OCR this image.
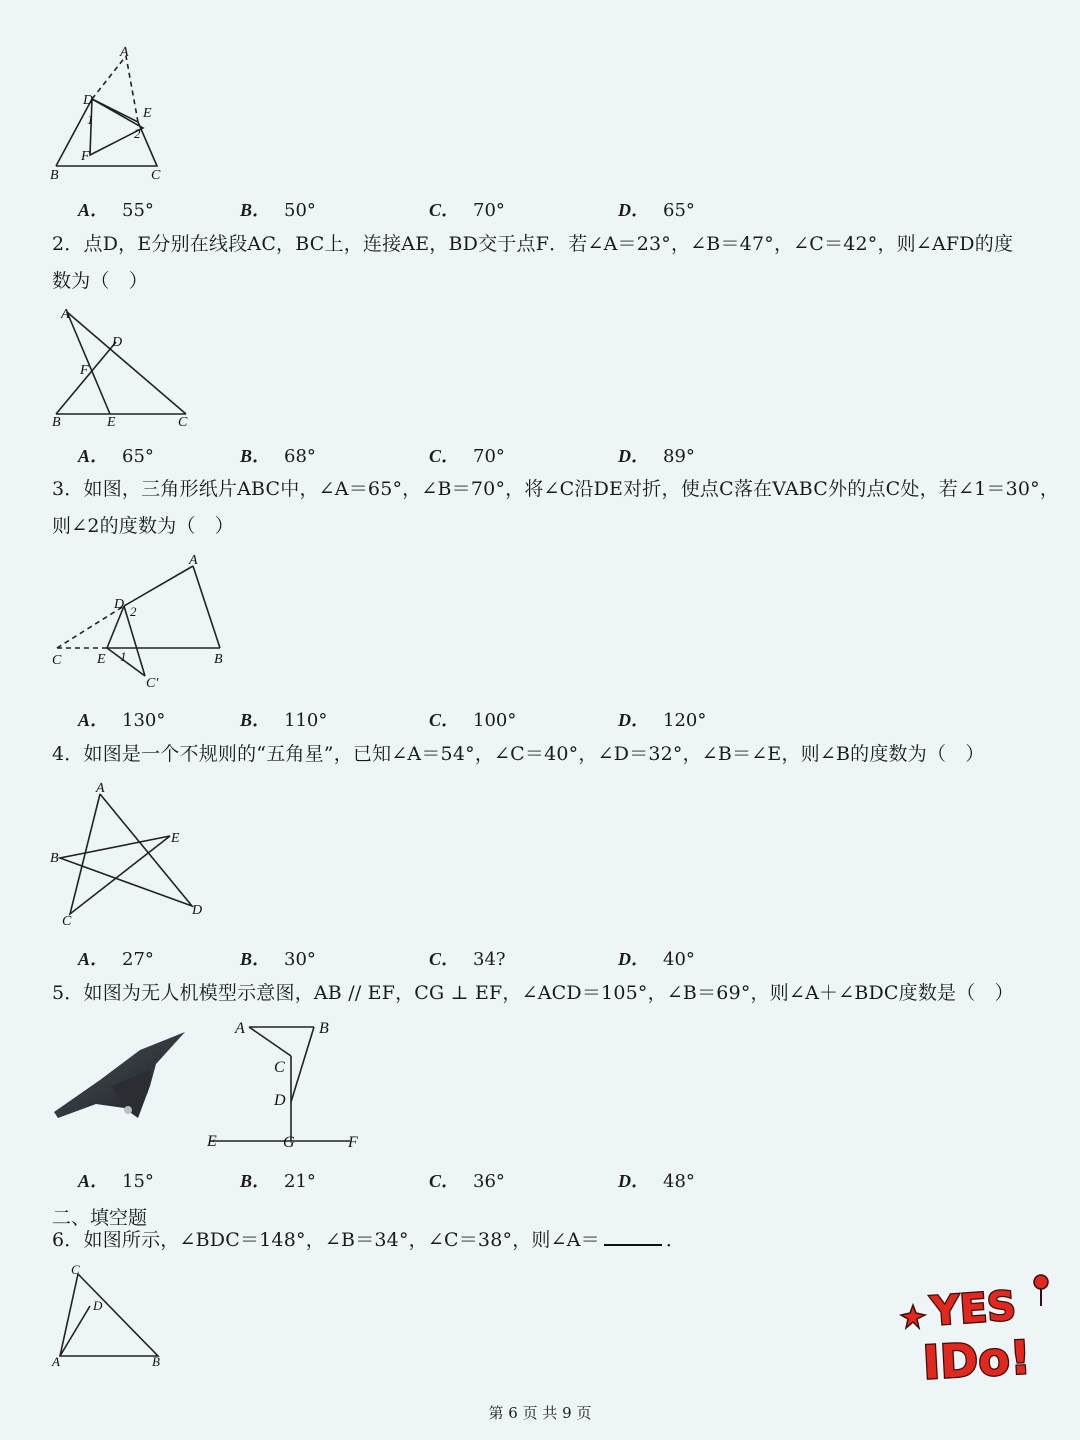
A
D
E
1
2
F
B	C
A． 55°	B． 50°	C． 70°	D． 65°
2．点D，E分别在线段AC，BC上，连接AE，BD交于点F．若∠A＝23°，∠B＝47°，∠C＝42°，则∠AFD的度
数为（　）
A
D
F
B	E	C
A． 65°	B． 68°	C． 70°	D． 89°
3．如图，三角形纸片ABC中，∠A＝65°，∠B＝70°，将∠C沿DE对折，使点C落在VABC外的点C处，若∠1＝30°，
则∠2的度数为（　）
A
D 2
C	E 1	B
C′
A． 130°	B． 110°	C． 100°	D． 120°
4．如图是一个不规则的“五角星”，已知∠A＝54°，∠C＝40°，∠D＝32°，∠B＝∠E，则∠B的度数为（　）
A
E
B
C
D
A． 27°	B． 30°	C． 34?	D． 40°
5．如图为无人机模型示意图，AB // EF，CG ⊥ EF，∠ACD＝105°，∠B＝69°，则∠A＋∠BDC度数是（　）
A	B
C
D
E	G	F
A． 15°	B． 21°	C． 36°	D． 48°
二、填空题
6．如图所示，∠BDC＝148°，∠B＝34°，∠C＝38°，则∠A＝	．
C
D
A	B
YES
IDo!
第 6 页 共 9 页
